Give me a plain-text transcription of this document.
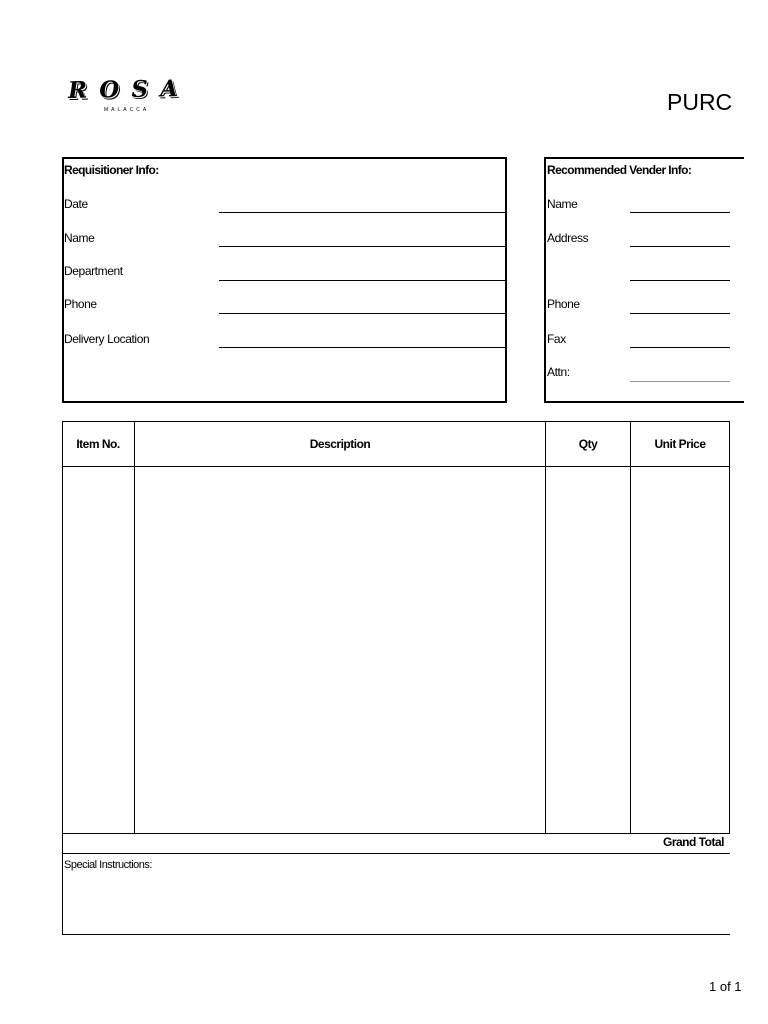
ROSA
MALACCA	PURC
Requisitioner Info:
Date
Name
Department
Phone
Delivery Location
Recommended Vender Info:
Name
Address
Phone
Fax
Attn:
Item No.	Description	Qty	Unit Price
Grand Total
Special Instructions:
1 of 1
